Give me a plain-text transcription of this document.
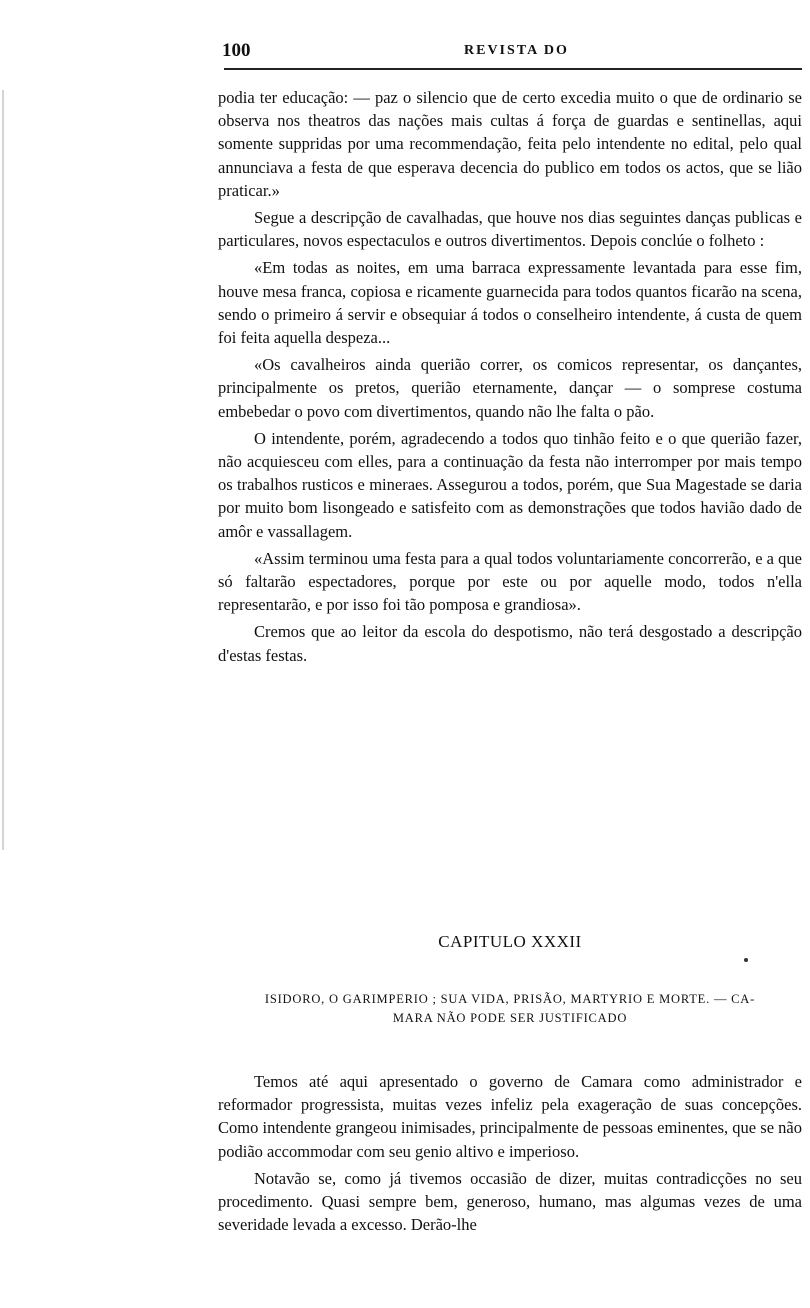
100	REVISTA DO

podia ter educação: — paz o silencio que de certo excedia muito o que de ordinario se observa nos theatros das nações mais cultas á força de guardas e sentinellas, aqui somente suppridas por uma recommendação, feita pelo intendente no edital, pelo qual annunciava a festa de que esperava decencia do publico em todos os actos, que se lião praticar.»

Segue a descripção de cavalhadas, que houve nos dias seguintes danças publicas e particulares, novos espectaculos e outros divertimentos. Depois conclúe o folheto :

«Em todas as noites, em uma barraca expressamente levantada para esse fim, houve mesa franca, copiosa e ricamente guarnecida para todos quantos ficarão na scena, sendo o primeiro á servir e obsequiar á todos o conselheiro intendente, á custa de quem foi feita aquella despeza...

«Os cavalheiros ainda querião correr, os comicos representar, os dançantes, principalmente os pretos, querião eternamente, dançar — o somprese costuma embebedar o povo com divertimentos, quando não lhe falta o pão.

O intendente, porém, agradecendo a todos quo tinhão feito e o que querião fazer, não acquiesceu com elles, para a continuação da festa não interromper por mais tempo os trabalhos rusticos e mineraes. Assegurou a todos, porém, que Sua Magestade se daria por muito bom lisongeado e satisfeito com as demonstrações que todos havião dado de amôr e vassallagem.

«Assim terminou uma festa para a qual todos voluntariamente concorrerão, e a que só faltarão espectadores, porque por este ou por aquelle modo, todos n'ella representarão, e por isso foi tão pomposa e grandiosa».

Cremos que ao leitor da escola do despotismo, não terá desgostado a descripção d'estas festas.

CAPITULO XXXII
ISIDORO, O GARIMPERIO ; SUA VIDA, PRISÃO, MARTYRIO E MORTE. — CA-
MARA NÃO PODE SER JUSTIFICADO

Temos até aqui apresentado o governo de Camara como administrador e reformador progressista, muitas vezes infeliz pela exageração de suas concepções. Como intendente grangeou inimisades, principalmente de pessoas eminentes, que se não podião accommodar com seu genio altivo e imperioso.

Notavão se, como já tivemos occasião de dizer, muitas contradicções no seu procedimento. Quasi sempre bem, generoso, humano, mas algumas vezes de uma severidade levada a excesso. Derão-lhe
